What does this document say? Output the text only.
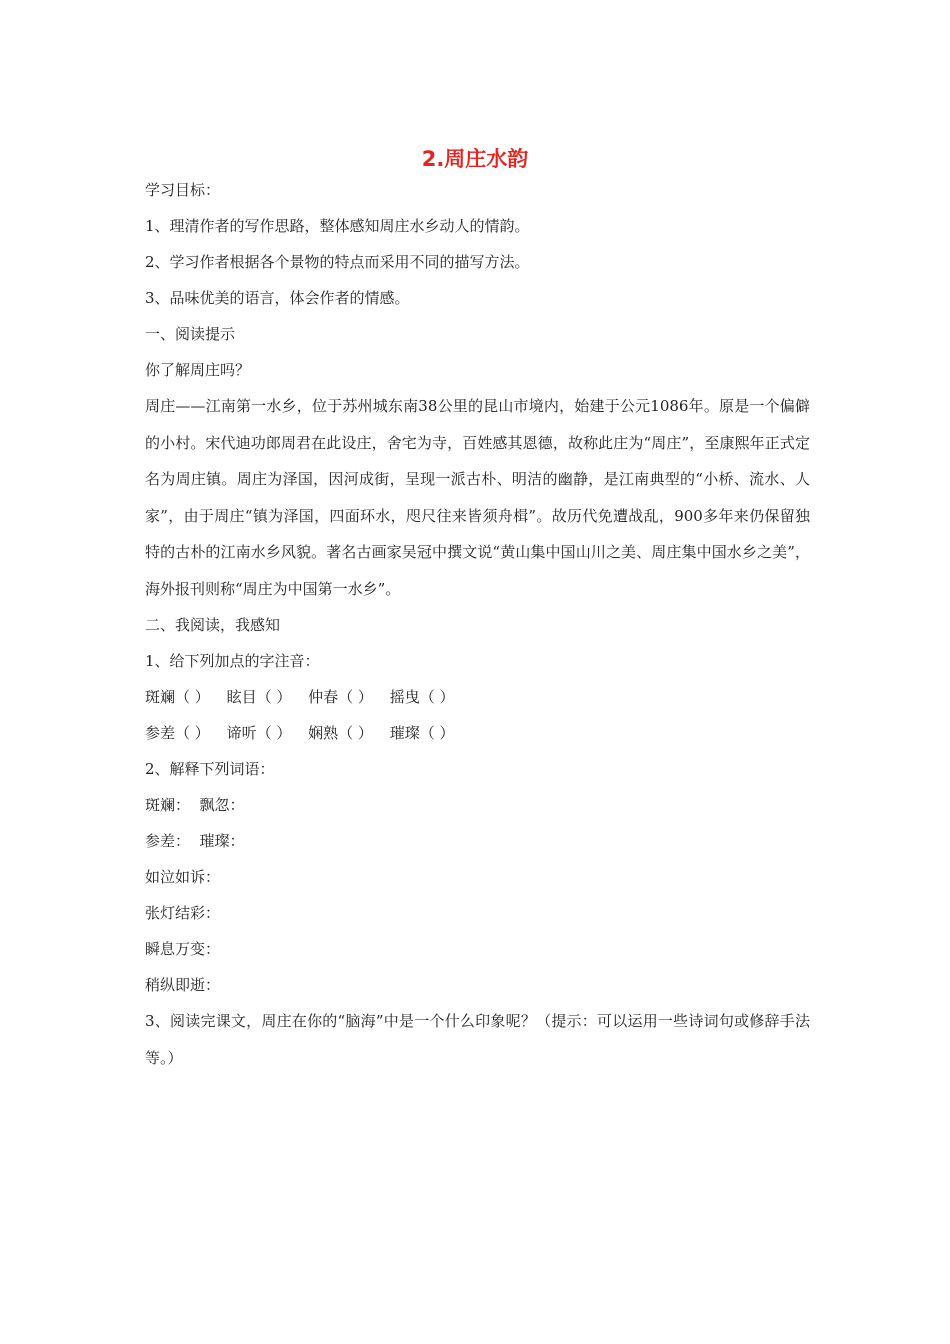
2.周庄水韵
学习目标：
1、理清作者的写作思路，整体感知周庄水乡动人的情韵。
2、学习作者根据各个景物的特点而采用不同的描写方法。
3、品味优美的语言，体会作者的情感。
一、阅读提示
你了解周庄吗？
周庄——江南第一水乡，位于苏州城东南38公里的昆山市境内，始建于公元1086年。原是一个偏僻的小村。宋代迪功郎周君在此设庄，舍宅为寺，百姓感其恩德，故称此庄为“周庄”，至康熙年正式定名为周庄镇。周庄为泽国，因河成街，呈现一派古朴、明洁的幽静，是江南典型的“小桥、流水、人家”，由于周庄“镇为泽国，四面环水，咫尺往来皆须舟楫”。故历代免遭战乱，900多年来仍保留独特的古朴的江南水乡风貌。著名古画家吴冠中撰文说“黄山集中国山川之美、周庄集中国水乡之美”，海外报刊则称“周庄为中国第一水乡”。
二、我阅读，我感知
1、给下列加点的字注音：
斑斓（ ） 眩目（ ） 仲春（ ） 摇曳（ ）
参差（ ） 谛听（ ） 娴熟（ ） 璀璨（ ）
2、解释下列词语：
斑斓：  飘忽：
参差：  璀璨：
如泣如诉：
张灯结彩：
瞬息万变：
稍纵即逝：
3、阅读完课文，周庄在你的“脑海”中是一个什么印象呢？（提示：可以运用一些诗词句或修辞手法等。）
